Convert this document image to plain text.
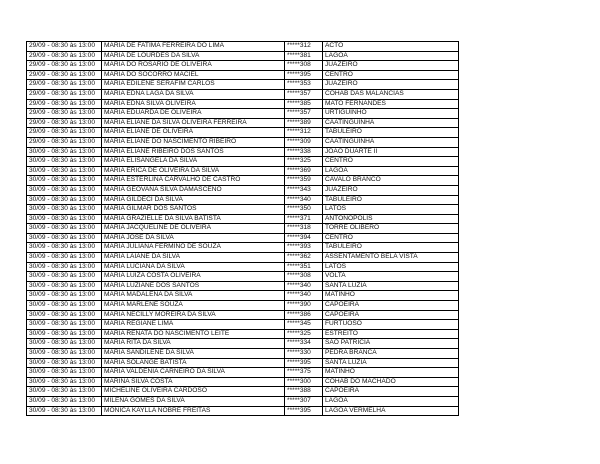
29/09 - 08:30 às 13:00	MARIA DE FATIMA FERREIRA DO LIMA	*****312	ACTO
29/09 - 08:30 às 13:00	MARIA DE LOURDES DA SILVA	*****381	LAGOA
29/09 - 08:30 às 13:00	MARIA DO ROSARIO DE OLIVEIRA	*****308	JUAZEIRO
29/09 - 08:30 às 13:00	MARIA DO SOCORRO MACIEL	*****395	CENTRO
29/09 - 08:30 às 13:00	MARIA EDILENE SERAFIM CARLOS	*****353	JUAZEIRO
29/09 - 08:30 às 13:00	MARIA EDNA LAGA DA SILVA	*****357	COHAB DAS MALANCIAS
29/09 - 08:30 às 13:00	MARIA EDNA SILVA OLIVEIRA	*****385	MATO FERNANDES
29/09 - 08:30 às 13:00	MARIA EDUARDA DE OLIVEIRA	*****357	URTIGUINHO
29/09 - 08:30 às 13:00	MARIA ELIANE DA SILVA OLIVEIRA FERREIRA	*****389	CAATINGUINHA
29/09 - 08:30 às 13:00	MARIA ELIANE DE OLIVEIRA	*****312	TABULEIRO
29/09 - 08:30 às 13:00	MARIA ELIANE DO NASCIMENTO RIBEIRO	*****309	CAATINGUINHA
30/09 - 08:30 às 13:00	MARIA ELIANE RIBEIRO DOS SANTOS	*****338	JOÃO DUARTE II
30/09 - 08:30 às 13:00	MARIA ELISANGELA DA SILVA	*****325	CENTRO
30/09 - 08:30 às 13:00	MARIA ERICA DE OLIVEIRA DA SILVA	*****369	LAGOA
30/09 - 08:30 às 13:00	MARIA ESTERLINA CARVALHO DE CASTRO	*****359	CAVALO BRANCO
30/09 - 08:30 às 13:00	MARIA GEOVANA SILVA DAMASCENO	*****343	JUAZEIRO
30/09 - 08:30 às 13:00	MARIA GILDECI DA SILVA	*****340	TABULEIRO
30/09 - 08:30 às 13:00	MARIA GILMAR DOS SANTOS	*****350	LATOS
30/09 - 08:30 às 13:00	MARIA GRAZIELLE DA SILVA BATISTA	*****371	ANTONOPOLIS
30/09 - 08:30 às 13:00	MARIA JACQUELINE DE OLIVEIRA	*****318	TORRE OLIBERO
30/09 - 08:30 às 13:00	MARIA JOSE DA SILVA	*****394	CENTRO
30/09 - 08:30 às 13:00	MARIA JULIANA FERMINO DE SOUZA	*****393	TABULEIRO
30/09 - 08:30 às 13:00	MARIA LAIANE DA SILVA	*****362	ASSENTAMENTO BELA VISTA
30/09 - 08:30 às 13:00	MARIA LUCIANA DA SILVA	*****351	LATOS
30/09 - 08:30 às 13:00	MARIA LUIZA COSTA OLIVEIRA	*****308	VOLTA
30/09 - 08:30 às 13:00	MARIA LUZIANE DOS SANTOS	*****340	SANTA LUZIA
30/09 - 08:30 às 13:00	MARIA MADALENA DA SILVA	*****340	MATINHO
30/09 - 08:30 às 13:00	MARIA MARLENE SOUZA	*****390	CAPOEIRA
30/09 - 08:30 às 13:00	MARIA NECILLY MOREIRA DA SILVA	*****386	CAPOEIRA
30/09 - 08:30 às 13:00	MARIA REGIANE LIMA	*****345	FURTUOSO
30/09 - 08:30 às 13:00	MARIA RENATA DO NASCIMENTO LEITE	*****325	ESTREITO
30/09 - 08:30 às 13:00	MARIA RITA DA SILVA	*****334	SAO PATRICIA
30/09 - 08:30 às 13:00	MARIA SANDILENE DA SILVA	*****330	PEDRA BRANCA
30/09 - 08:30 às 13:00	MARIA SOLANGE BATISTA	*****395	SANTA LUZIA
30/09 - 08:30 às 13:00	MARIA VALDENIA CARNEIRO DA SILVA	*****375	MATINHO
30/09 - 08:30 às 13:00	MARINA SILVA COSTA	*****300	COHAB DO MACHADO
30/09 - 08:30 às 13:00	MICHELINE OLIVEIRA CARDOSO	*****388	CAPOEIRA
30/09 - 08:30 às 13:00	MILENA GOMES DA SILVA	*****307	LAGOA
30/09 - 08:30 às 13:00	MONICA KAYLLA NOBRE FREITAS	*****395	LAGOA VERMELHA
